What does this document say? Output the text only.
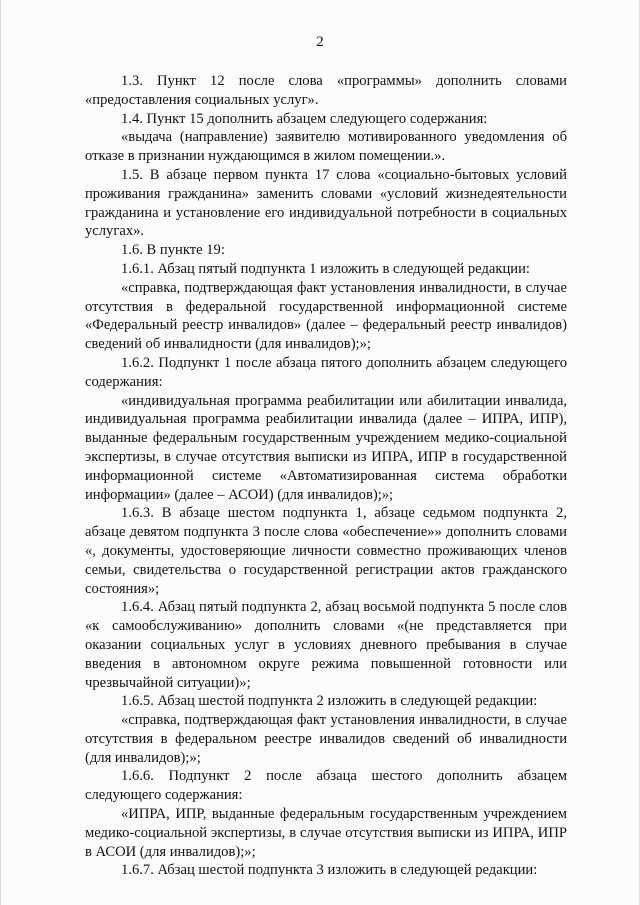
2

1.3. Пункт 12 после слова «программы» дополнить словами «предоставления социальных услуг».

1.4. Пункт 15 дополнить абзацем следующего содержания:

«выдача (направление) заявителю мотивированного уведомления об отказе в признании нуждающимся в жилом помещении.».

1.5. В абзаце первом пункта 17 слова «социально-бытовых условий проживания гражданина» заменить словами «условий жизнедеятельности гражданина и установление его индивидуальной потребности в социальных услугах».

1.6. В пункте 19:

1.6.1. Абзац пятый подпункта 1 изложить в следующей редакции:

«справка, подтверждающая факт установления инвалидности, в случае отсутствия в федеральной государственной информационной системе «Федеральный реестр инвалидов» (далее – федеральный реестр инвалидов) сведений об инвалидности (для инвалидов);»;

1.6.2. Подпункт 1 после абзаца пятого дополнить абзацем следующего содержания:

«индивидуальная программа реабилитации или абилитации инвалида, индивидуальная программа реабилитации инвалида (далее – ИПРА, ИПР), выданные федеральным государственным учреждением медико-социальной экспертизы, в случае отсутствия выписки из ИПРА, ИПР в государственной информационной системе «Автоматизированная система обработки информации» (далее – АСОИ) (для инвалидов);»;

1.6.3. В абзаце шестом подпункта 1, абзаце седьмом подпункта 2, абзаце девятом подпункта 3 после слова «обеспечение»» дополнить словами «, документы, удостоверяющие личности совместно проживающих членов семьи, свидетельства о государственной регистрации актов гражданского состояния»;

1.6.4. Абзац пятый подпункта 2, абзац восьмой подпункта 5 после слов «к самообслуживанию» дополнить словами «(не представляется при оказании социальных услуг в условиях дневного пребывания в случае введения в автономном округе режима повышенной готовности или чрезвычайной ситуации)»;

1.6.5. Абзац шестой подпункта 2 изложить в следующей редакции:

«справка, подтверждающая факт установления инвалидности, в случае отсутствия в федеральном реестре инвалидов сведений об инвалидности (для инвалидов);»;

1.6.6. Подпункт 2 после абзаца шестого дополнить абзацем следующего содержания:

«ИПРА, ИПР, выданные федеральным государственным учреждением медико-социальной экспертизы, в случае отсутствия выписки из ИПРА, ИПР в АСОИ (для инвалидов);»;

1.6.7. Абзац шестой подпункта 3 изложить в следующей редакции:
